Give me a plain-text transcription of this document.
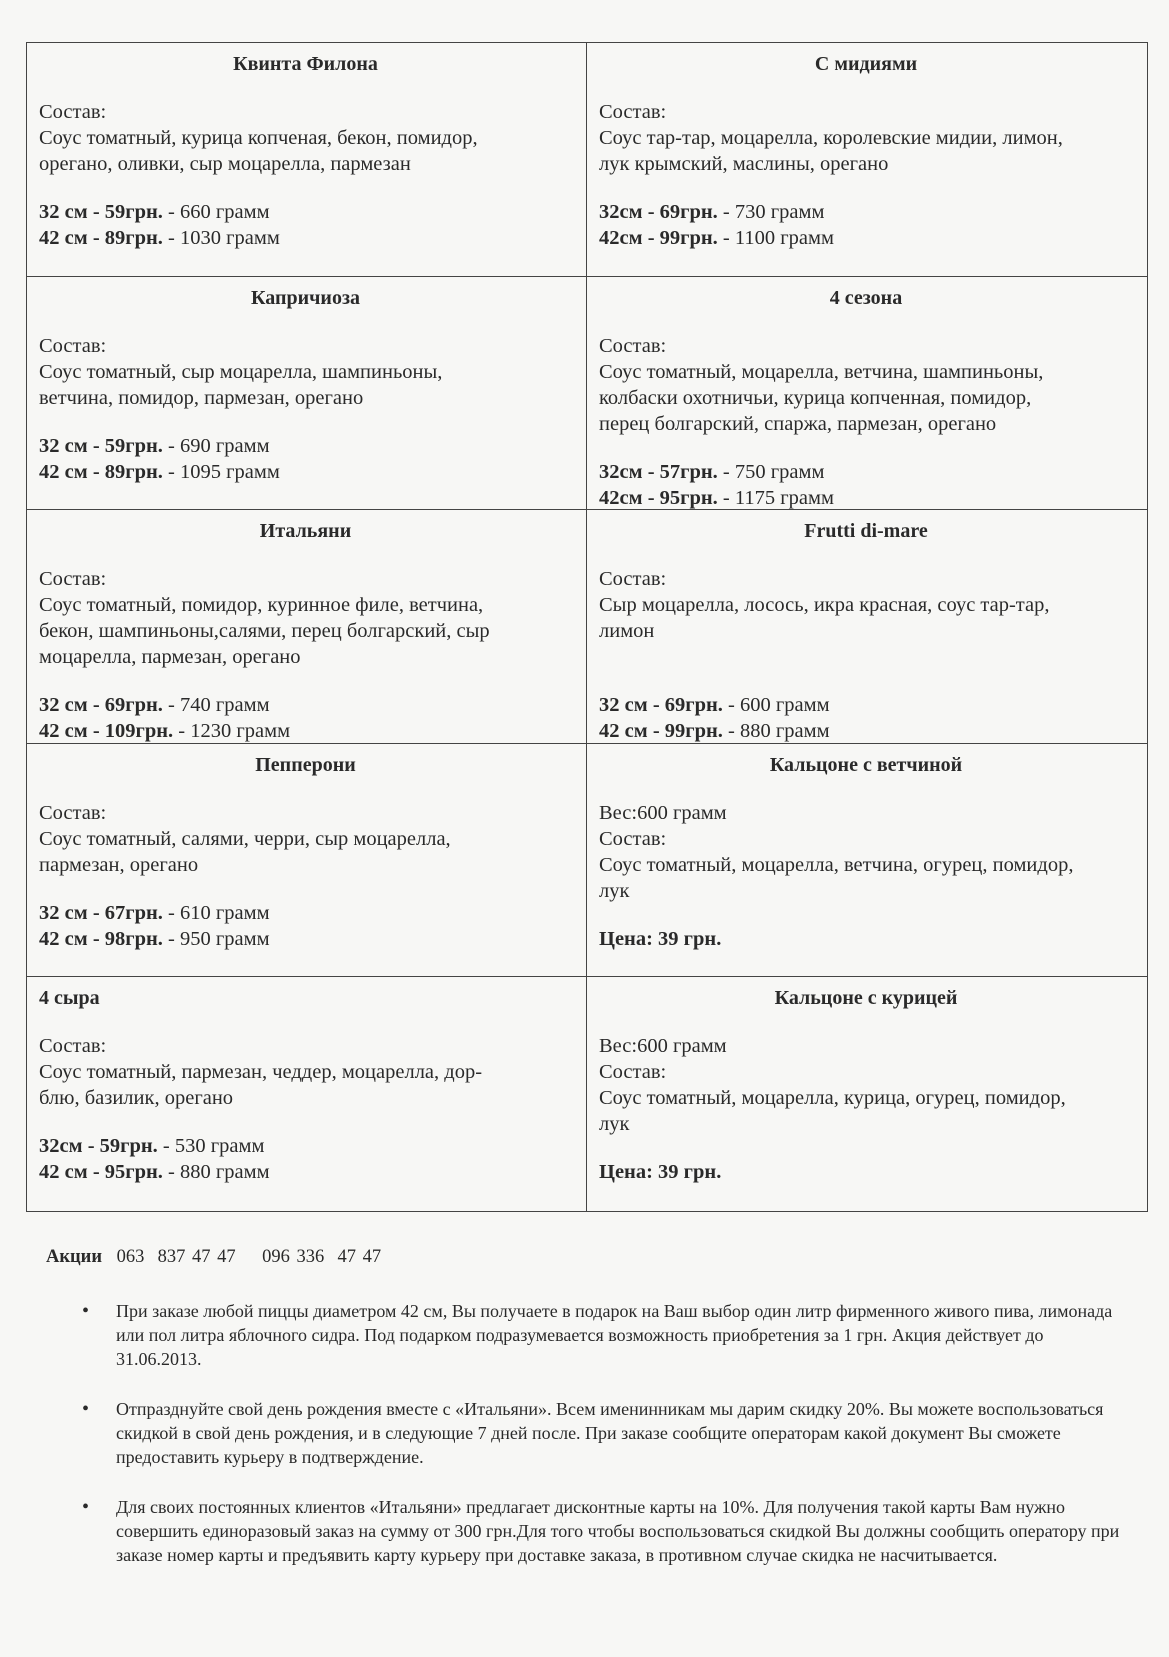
Квинта Филона
Состав:
Соус томатный, курица копченая, бекон, помидор,
орегано, оливки, сыр моцарелла, пармезан
32 см - 59грн. - 660 грамм
42 см - 89грн. - 1030 грамм
С мидиями
Состав:
Соус тар-тар, моцарелла, королевские мидии, лимон,
лук крымский, маслины, орегано
32см - 69грн. - 730 грамм
42см - 99грн. - 1100 грамм
Капричиоза
Состав:
Соус томатный, сыр моцарелла, шампиньоны,
ветчина, помидор, пармезан, орегано
32 см - 59грн. - 690 грамм
42 см - 89грн. - 1095 грамм
4 сезона
Состав:
Соус томатный, моцарелла, ветчина, шампиньоны,
колбаски охотничьи, курица копченная, помидор,
перец болгарский, спаржа, пармезан, орегано
32см - 57грн. - 750 грамм
42см - 95грн. - 1175 грамм
Итальяни
Состав:
Соус томатный, помидор, куринное филе, ветчина,
бекон, шампиньоны,салями, перец болгарский, сыр
моцарелла, пармезан, орегано
32 см - 69грн. - 740 грамм
42 см - 109грн. - 1230 грамм
Frutti di-mare
Состав:
Сыр моцарелла, лосось, икра красная, соус тар-тар,
лимон
32 см - 69грн. - 600 грамм
42 см - 99грн. - 880 грамм
Пепперони
Состав:
Соус томатный, салями, черри, сыр моцарелла,
пармезан, орегано
32 см - 67грн. - 610 грамм
42 см - 98грн. - 950 грамм
Кальцоне с ветчиной
Вес:600 грамм
Состав:
Соус томатный, моцарелла, ветчина, огурец, помидор,
лук
Цена: 39 грн.
4 сыра
Состав:
Соус томатный, пармезан, чеддер, моцарелла, дор-
блю, базилик, орегано
32см - 59грн. - 530 грамм
42 см - 95грн. - 880 грамм
Кальцоне с курицей
Вес:600 грамм
Состав:
Соус томатный, моцарелла, курица, огурец, помидор,
лук
Цена: 39 грн.
Акции 063  837 47 47    096 336  47 47
• При заказе любой пиццы диаметром 42 см, Вы получаете в подарок на Ваш выбор один литр фирменного живого пива, лимонада или пол литра яблочного сидра. Под подарком подразумевается возможность приобретения за 1 грн. Акция действует до 31.06.2013.
• Отпразднуйте свой день рождения вместе с «Итальяни». Всем именинникам мы дарим скидку 20%. Вы можете воспользоваться скидкой в свой день рождения, и в следующие 7 дней после. При заказе сообщите операторам какой документ Вы сможете предоставить курьеру в подтверждение.
• Для своих постоянных клиентов «Итальяни» предлагает дисконтные карты на 10%. Для получения такой карты Вам нужно совершить единоразовый заказ на сумму от 300 грн.Для того чтобы воспользоваться скидкой Вы должны сообщить оператору при заказе номер карты и предъявить карту курьеру при доставке заказа, в противном случае скидка не насчитывается.
